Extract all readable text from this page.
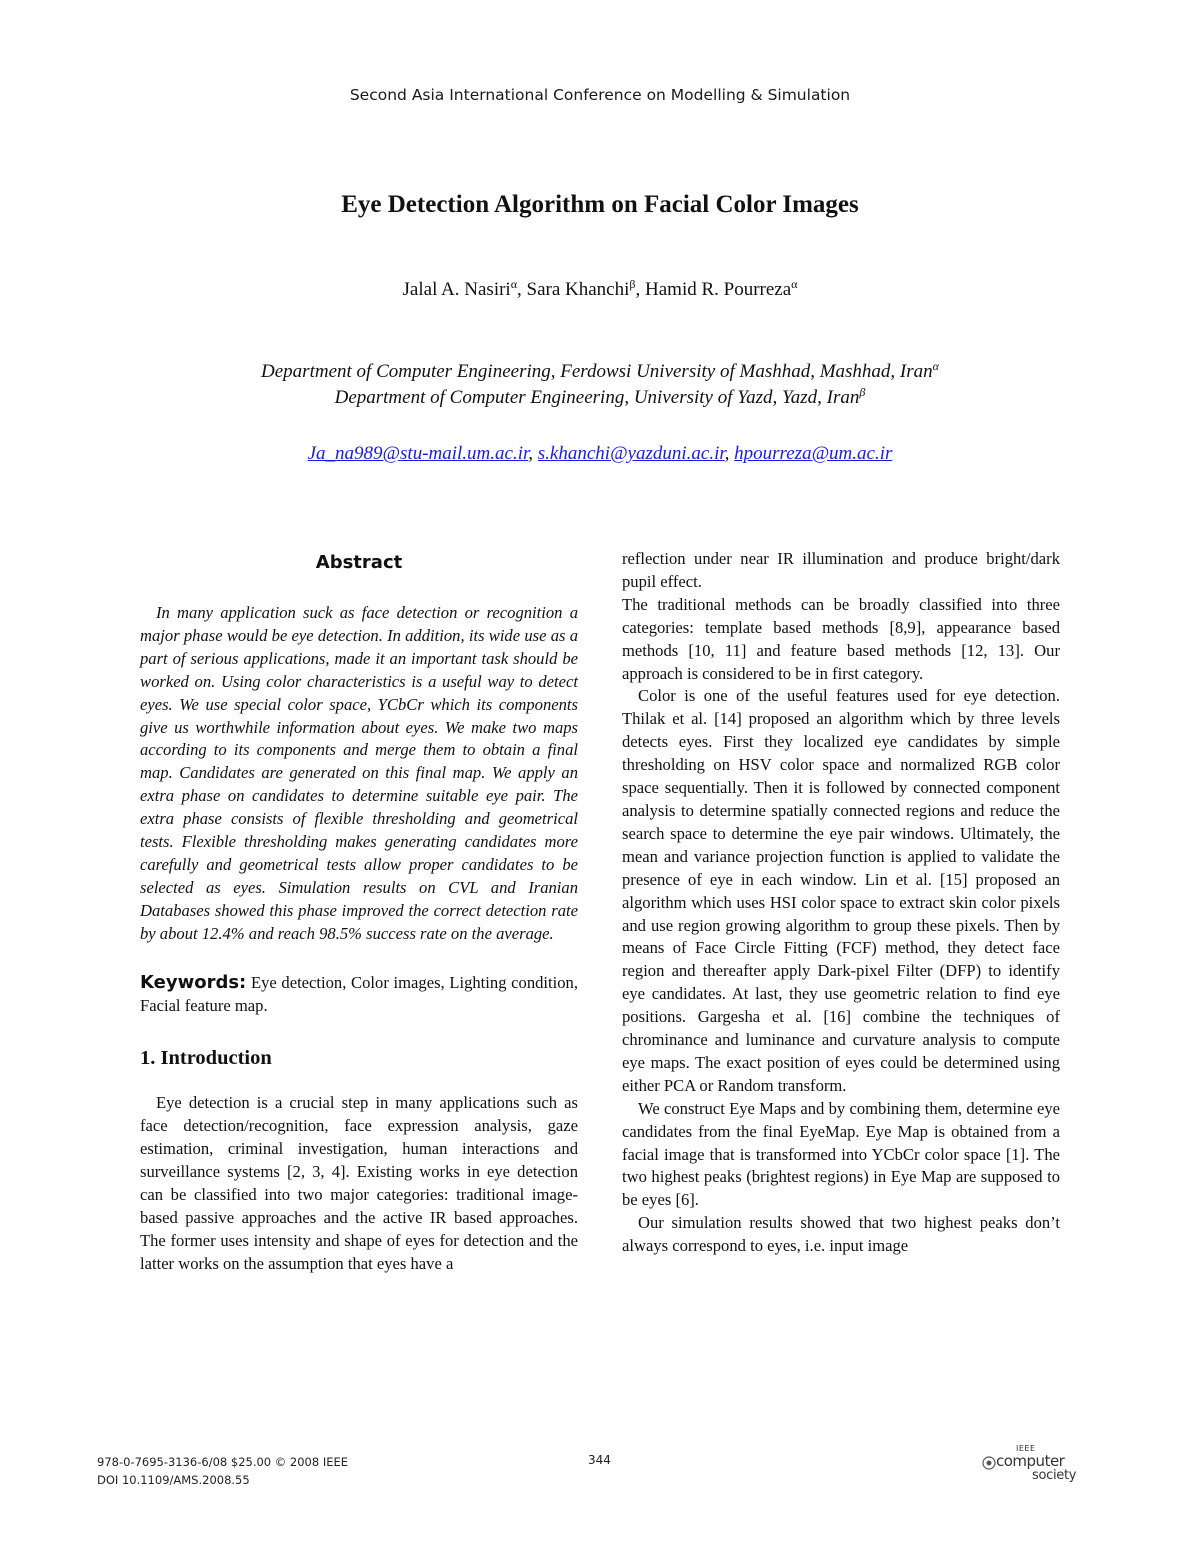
Second Asia International Conference on Modelling & Simulation
Eye Detection Algorithm on Facial Color Images
Jalal A. Nasiri$^\alpha$, Sara Khanchi$^\beta$, Hamid R. Pourreza$^\alpha$
Department of Computer Engineering, Ferdowsi University of Mashhad, Mashhad, Iran$^\alpha$
Department of Computer Engineering, University of Yazd, Yazd, Iran$^\beta$
Ja_na989@stu-mail.um.ac.ir, s.khanchi@yazduni.ac.ir, hpourreza@um.ac.ir
Abstract

In many application suck as face detection or recognition a major phase would be eye detection. In addition, its wide use as a part of serious applications, made it an important task should be worked on. Using color characteristics is a useful way to detect eyes. We use special color space, YCbCr which its components give us worthwhile information about eyes. We make two maps according to its components and merge them to obtain a final map. Candidates are generated on this final map. We apply an extra phase on candidates to determine suitable eye pair. The extra phase consists of flexible thresholding and geometrical tests. Flexible thresholding makes generating candidates more carefully and geometrical tests allow proper candidates to be selected as eyes. Simulation results on CVL and Iranian Databases showed this phase improved the correct detection rate by about 12.4% and reach 98.5% success rate on the average.

Keywords: Eye detection, Color images, Lighting condition, Facial feature map.

1. Introduction

Eye detection is a crucial step in many applications such as face detection/recognition, face expression analysis, gaze estimation, criminal investigation, human interactions and surveillance systems [2, 3, 4]. Existing works in eye detection can be classified into two major categories: traditional image-based passive approaches and the active IR based approaches. The former uses intensity and shape of eyes for detection and the latter works on the assumption that eyes have a

reflection under near IR illumination and produce bright/dark pupil effect.

The traditional methods can be broadly classified into three categories: template based methods [8,9], appearance based methods [10, 11] and feature based methods [12, 13]. Our approach is considered to be in first category.

Color is one of the useful features used for eye detection. Thilak et al. [14] proposed an algorithm which by three levels detects eyes. First they localized eye candidates by simple thresholding on HSV color space and normalized RGB color space sequentially. Then it is followed by connected component analysis to determine spatially connected regions and reduce the search space to determine the eye pair windows. Ultimately, the mean and variance projection function is applied to validate the presence of eye in each window. Lin et al. [15] proposed an algorithm which uses HSI color space to extract skin color pixels and use region growing algorithm to group these pixels. Then by means of Face Circle Fitting (FCF) method, they detect face region and thereafter apply Dark-pixel Filter (DFP) to identify eye candidates. At last, they use geometric relation to find eye positions. Gargesha et al. [16] combine the techniques of chrominance and luminance and curvature analysis to compute eye maps. The exact position of eyes could be determined using either PCA or Random transform.

We construct Eye Maps and by combining them, determine eye candidates from the final EyeMap. Eye Map is obtained from a facial image that is transformed into YCbCr color space [1]. The two highest peaks (brightest regions) in Eye Map are supposed to be eyes [6].

Our simulation results showed that two highest peaks don’t always correspond to eyes, i.e. input image

978-0-7695-3136-6/08 $25.00 © 2008 IEEE
DOI 10.1109/AMS.2008.55
344
IEEE
computer
society
